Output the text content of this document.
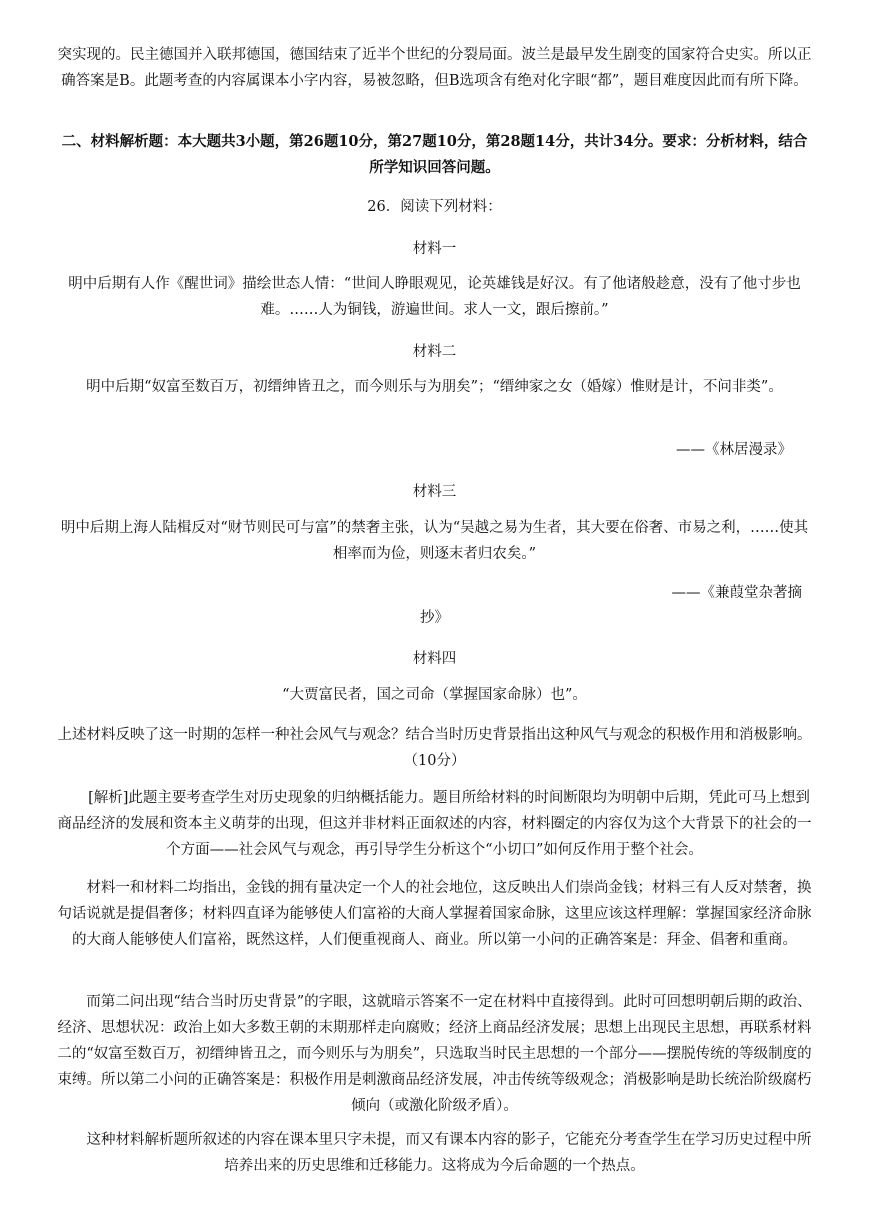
突实现的。民主德国并入联邦德国，德国结束了近半个世纪的分裂局面。波兰是最早发生剧变的国家符合史实。所以正确答案是B。此题考查的内容属课本小字内容，易被忽略，但B选项含有绝对化字眼“都”，题目难度因此而有所下降。

二、材料解析题：本大题共3小题，第26题10分，第27题10分，第28题14分，共计34分。要求：分析材料，结合所学知识回答问题。

26．阅读下列材料：

材料一

明中后期有人作《醒世词》描绘世态人情：“世间人睁眼观见，论英雄钱是好汉。有了他诸般趁意，没有了他寸步也难。……人为铜钱，游遍世间。求人一文，跟后擦前。”

材料二

明中后期“奴富至数百万，初缙绅皆丑之，而今则乐与为朋矣”；“缙绅家之女（婚嫁）惟财是计，不问非类”。

——《林居漫录》

材料三

明中后期上海人陆楫反对“财节则民可与富”的禁奢主张，认为“吴越之易为生者，其大要在俗奢、市易之利，……使其相率而为俭，则逐末者归农矣。”

——《兼葭堂杂著摘

抄》

材料四

“大贾富民者，国之司命（掌握国家命脉）也”。

上述材料反映了这一时期的怎样一种社会风气与观念？结合当时历史背景指出这种风气与观念的积极作用和消极影响。（10分）

[解析]此题主要考查学生对历史现象的归纳概括能力。题目所给材料的时间断限均为明朝中后期，凭此可马上想到商品经济的发展和资本主义萌芽的出现，但这并非材料正面叙述的内容，材料圈定的内容仅为这个大背景下的社会的一个方面——社会风气与观念，再引导学生分析这个“小切口”如何反作用于整个社会。

材料一和材料二均指出，金钱的拥有量决定一个人的社会地位，这反映出人们崇尚金钱；材料三有人反对禁奢，换句话说就是提倡奢侈；材料四直译为能够使人们富裕的大商人掌握着国家命脉，这里应该这样理解：掌握国家经济命脉的大商人能够使人们富裕，既然这样，人们便重视商人、商业。所以第一小问的正确答案是：拜金、倡奢和重商。

而第二问出现“结合当时历史背景”的字眼，这就暗示答案不一定在材料中直接得到。此时可回想明朝后期的政治、经济、思想状况：政治上如大多数王朝的末期那样走向腐败；经济上商品经济发展；思想上出现民主思想，再联系材料二的“奴富至数百万，初缙绅皆丑之，而今则乐与为朋矣”，只选取当时民主思想的一个部分——摆脱传统的等级制度的束缚。所以第二小问的正确答案是：积极作用是刺激商品经济发展，冲击传统等级观念；消极影响是助长统治阶级腐朽倾向（或激化阶级矛盾）。

这种材料解析题所叙述的内容在课本里只字未提，而又有课本内容的影子，它能充分考查学生在学习历史过程中所培养出来的历史思维和迁移能力。这将成为今后命题的一个热点。
